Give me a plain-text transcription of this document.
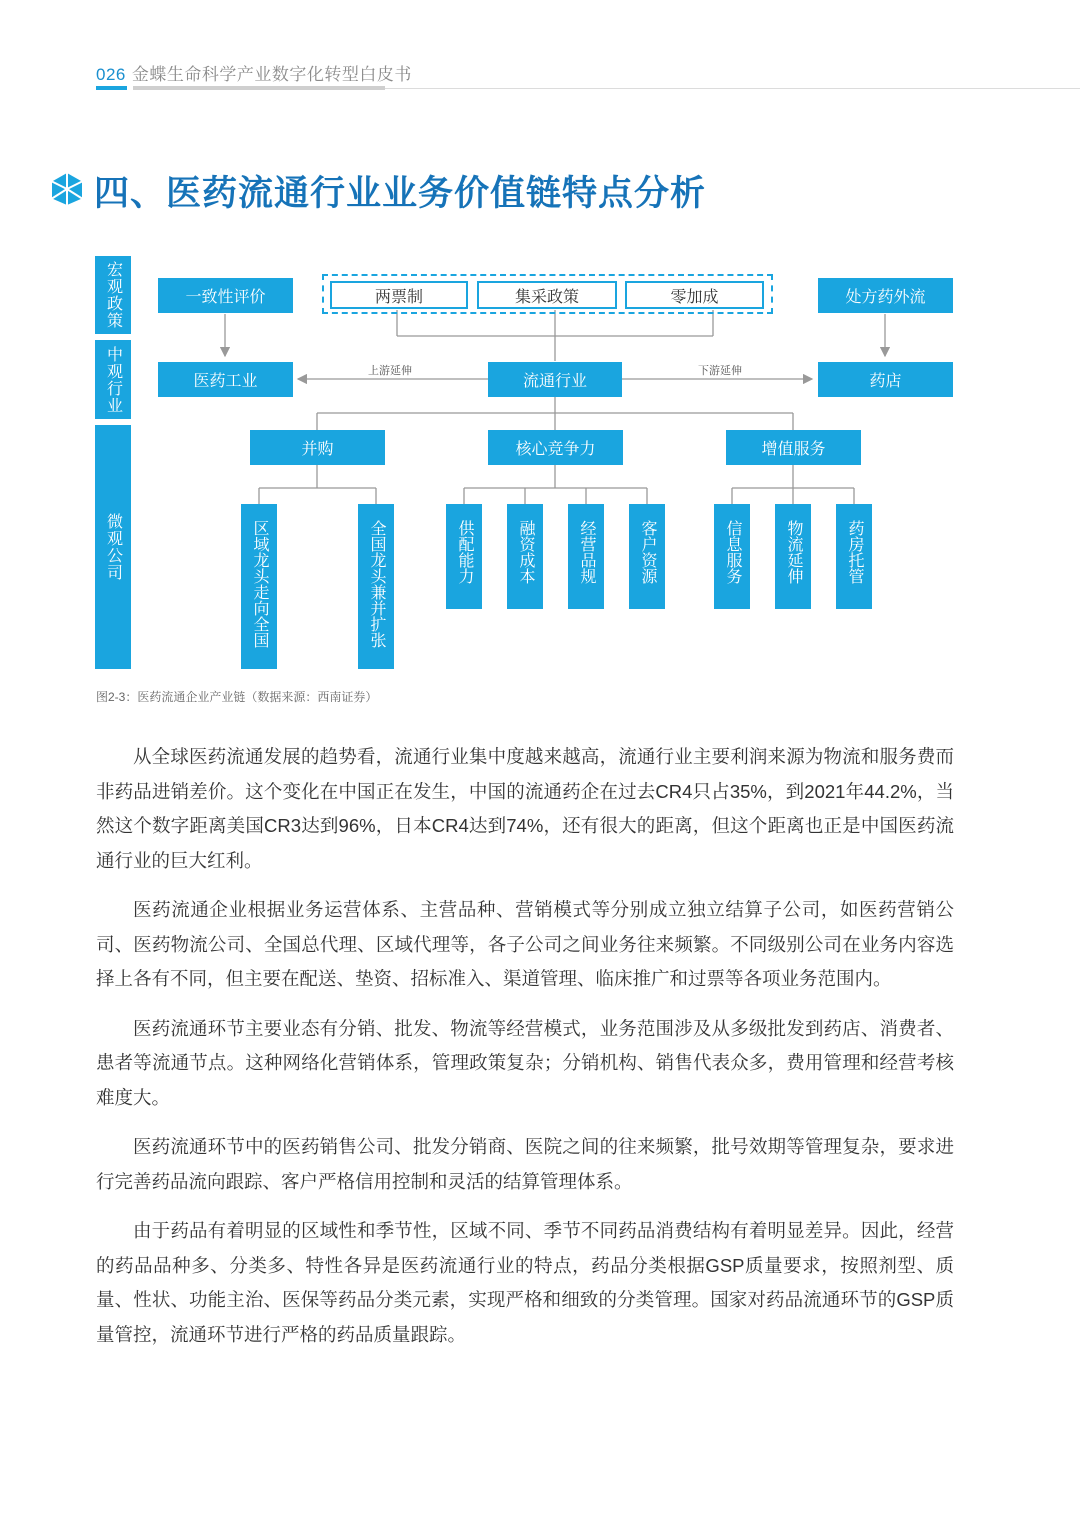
026 金蝶生命科学产业数字化转型白皮书
四、医药流通行业业务价值链特点分析
宏观政策
中观行业
微观公司
一致性评价	两票制	集采政策	零加成	处方药外流
医药工业	流通行业	药店
上游延伸	下游延伸
并购	核心竞争力	增值服务
区域龙头走向全国	全国龙头兼并扩张	供配能力	融资成本	经营品规	客户资源	信息服务	物流延伸	药房托管
图2-3：医药流通企业产业链（数据来源：西南证券）

从全球医药流通发展的趋势看，流通行业集中度越来越高，流通行业主要利润来源为物流和服务费而非药品进销差价。这个变化在中国正在发生，中国的流通药企在过去CR4只占35%，到2021年44.2%，当然这个数字距离美国CR3达到96%，日本CR4达到74%，还有很大的距离，但这个距离也正是中国医药流通行业的巨大红利。

医药流通企业根据业务运营体系、主营品种、营销模式等分别成立独立结算子公司，如医药营销公司、医药物流公司、全国总代理、区域代理等，各子公司之间业务往来频繁。不同级别公司在业务内容选择上各有不同，但主要在配送、垫资、招标准入、渠道管理、临床推广和过票等各项业务范围内。

医药流通环节主要业态有分销、批发、物流等经营模式，业务范围涉及从多级批发到药店、消费者、患者等流通节点。这种网络化营销体系，管理政策复杂；分销机构、销售代表众多，费用管理和经营考核难度大。

医药流通环节中的医药销售公司、批发分销商、医院之间的往来频繁，批号效期等管理复杂，要求进行完善药品流向跟踪、客户严格信用控制和灵活的结算管理体系。

由于药品有着明显的区域性和季节性，区域不同、季节不同药品消费结构有着明显差异。因此，经营的药品品种多、分类多、特性各异是医药流通行业的特点，药品分类根据GSP质量要求，按照剂型、质量、性状、功能主治、医保等药品分类元素，实现严格和细致的分类管理。国家对药品流通环节的GSP质量管控，流通环节进行严格的药品质量跟踪。
